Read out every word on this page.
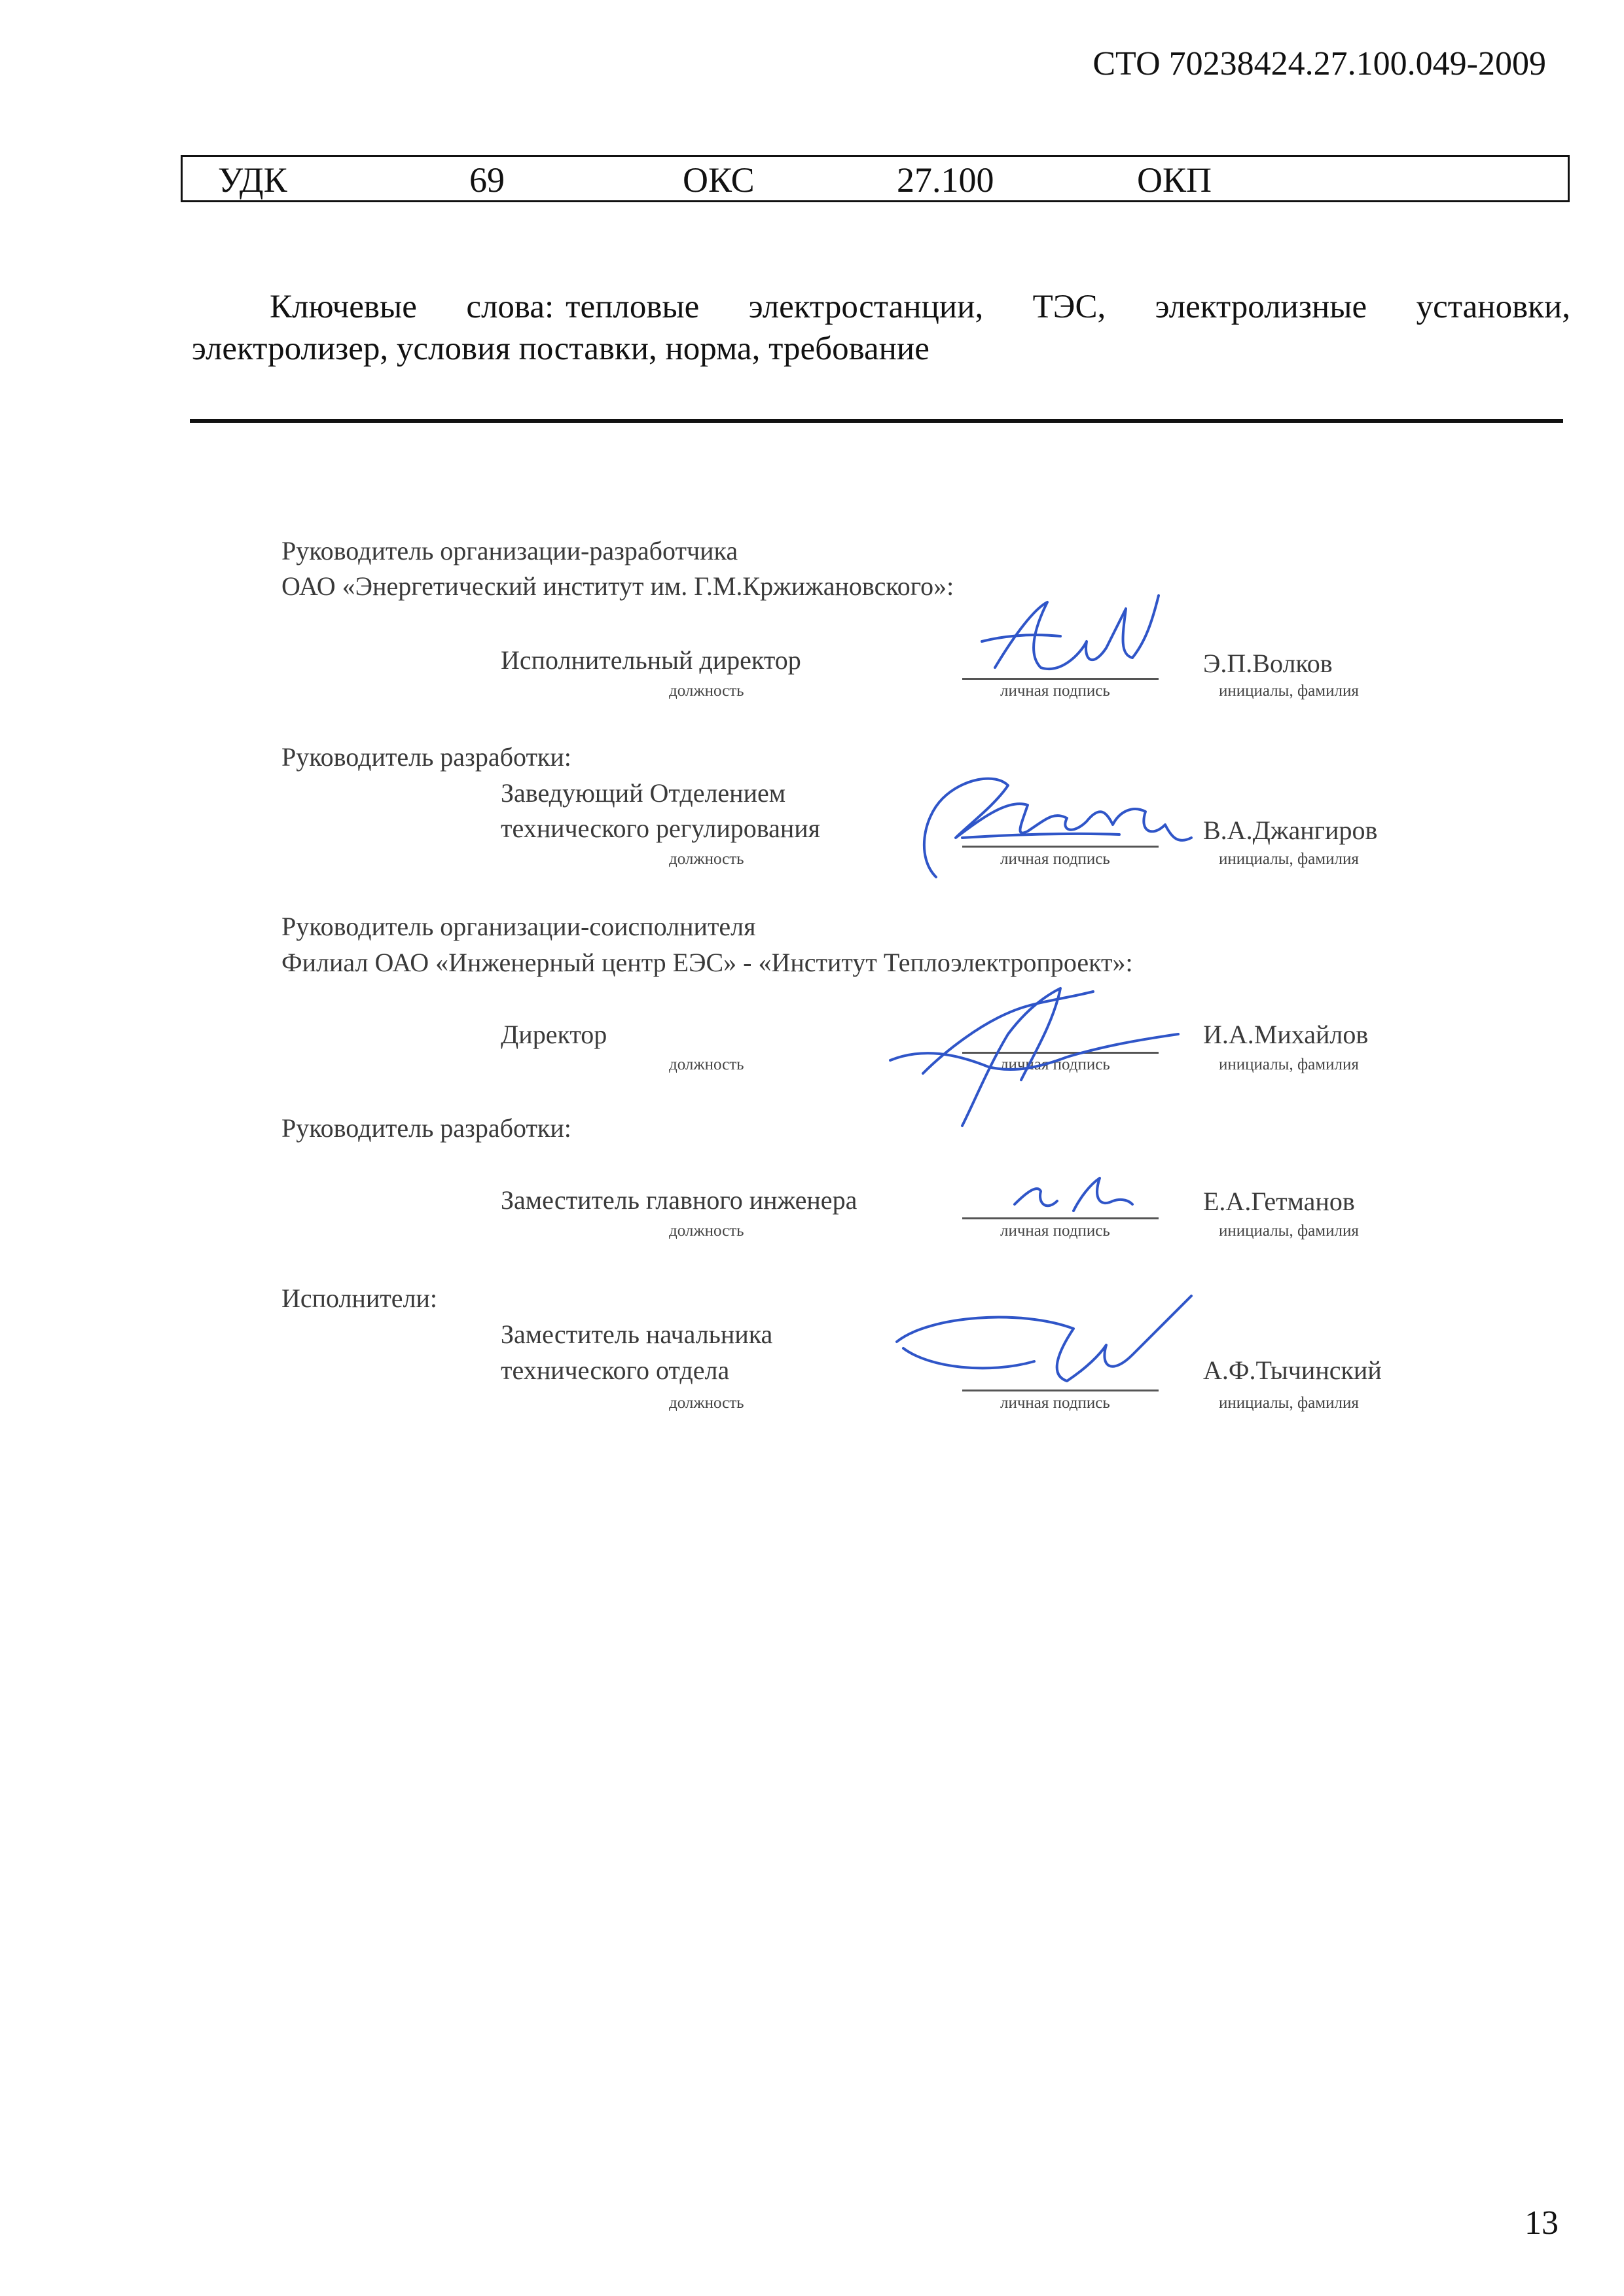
СТО 70238424.27.100.049-2009
УДК	69	ОКС	27.100	ОКП
Ключевые слова: тепловые электростанции, ТЭС, электролизные установки,
электролизер, условия поставки, норма, требование
Руководитель организации-разработчика
ОАО «Энергетический институт им. Г.М.Кржижановского»:
Исполнительный директор
должность	личная подпись
Э.П.Волков
инициалы, фамилия
Руководитель разработки:
Заведующий Отделением
технического регулирования
должность	личная подпись
В.А.Джангиров
инициалы, фамилия
Руководитель организации-соисполнителя
Филиал ОАО «Инженерный центр ЕЭС» - «Институт Теплоэлектропроект»:
Директор
должность	личная подпись
И.А.Михайлов
инициалы, фамилия
Руководитель разработки:
Заместитель главного инженера
должность	личная подпись
Е.А.Гетманов
инициалы, фамилия
Исполнители:
Заместитель начальника
технического отдела
должность	личная подпись
А.Ф.Тычинский
инициалы, фамилия
13
